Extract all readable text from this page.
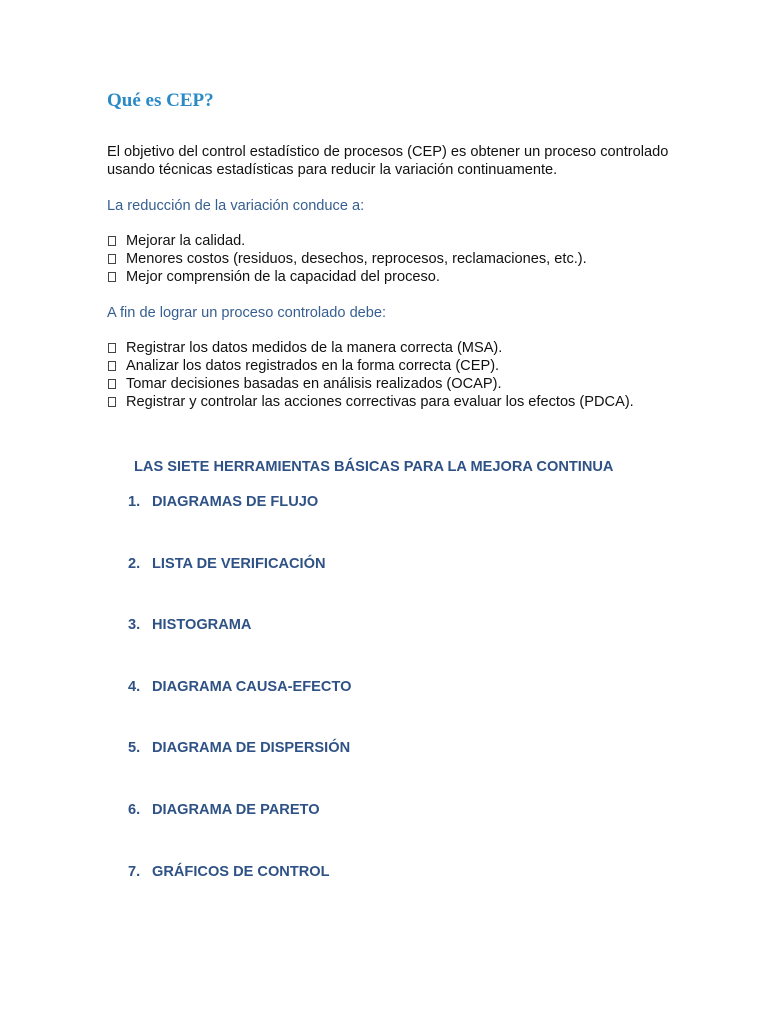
Qué es CEP?

El objetivo del control estadístico de procesos (CEP) es obtener un proceso controlado usando técnicas estadísticas para reducir la variación continuamente.

La reducción de la variación conduce a:

Mejorar la calidad.
Menores costos (residuos, desechos, reprocesos, reclamaciones, etc.).
Mejor comprensión de la capacidad del proceso.

A fin de lograr un proceso controlado debe:

Registrar los datos medidos de la manera correcta (MSA).
Analizar los datos registrados en la forma correcta (CEP).
Tomar decisiones basadas en análisis realizados (OCAP).
Registrar y controlar las acciones correctivas para evaluar los efectos (PDCA).
LAS SIETE HERRAMIENTAS BÁSICAS PARA LA MEJORA CONTINUA
1. DIAGRAMAS DE FLUJO
2. LISTA DE VERIFICACIÓN
3. HISTOGRAMA
4. DIAGRAMA CAUSA-EFECTO
5. DIAGRAMA DE DISPERSIÓN
6. DIAGRAMA DE PARETO
7. GRÁFICOS DE CONTROL
